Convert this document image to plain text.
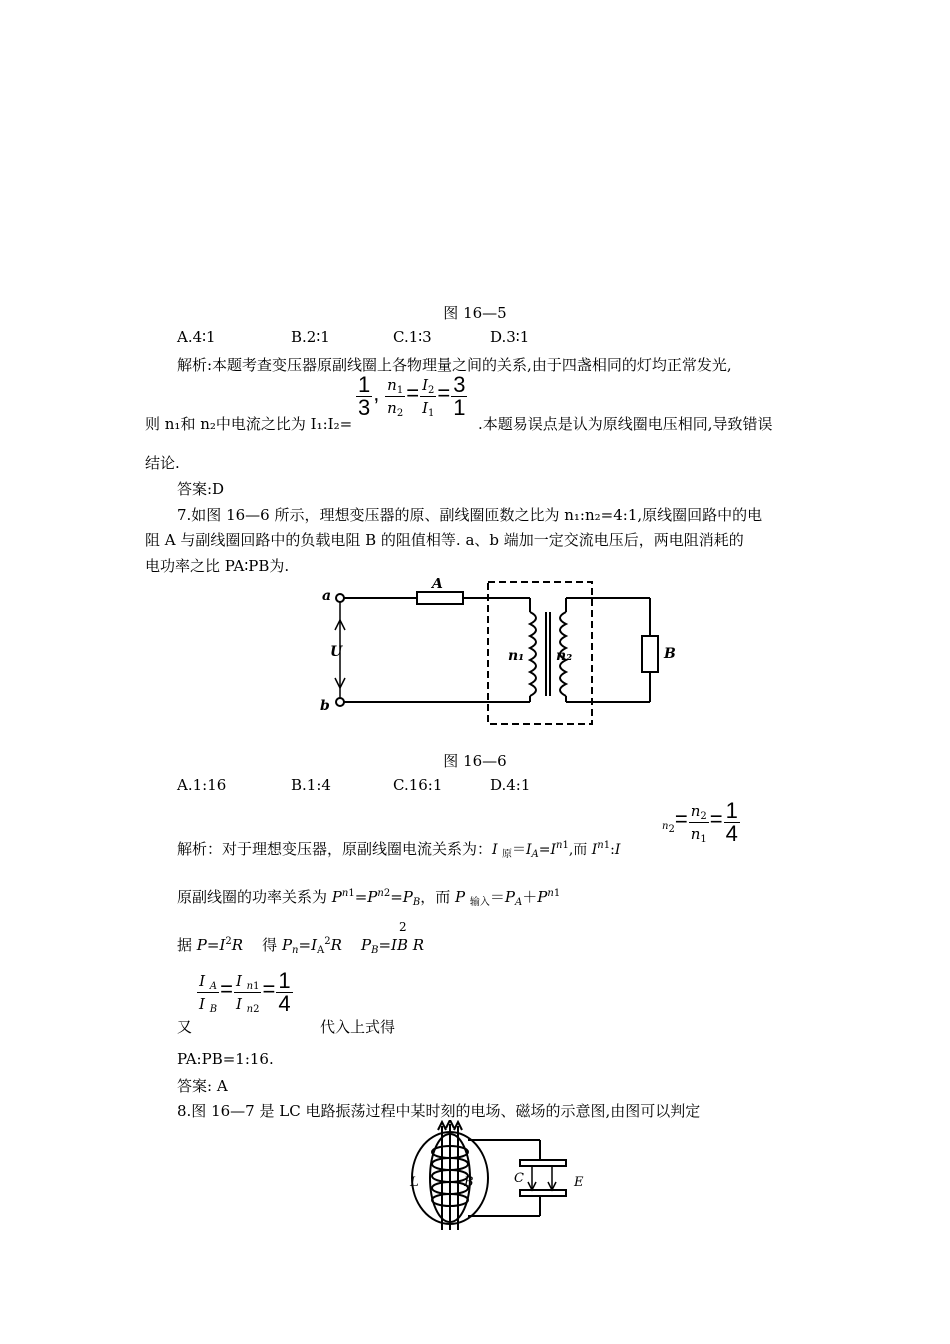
图 16—5
A.4∶1	B.2∶1	C.1∶3	D.3∶1
解析:本题考查变压器原副线圈上各物理量之间的关系,由于四盏相同的灯均正常发光,
$\frac{1}{3}$ , $\frac{n_1}{n_2} = \frac{I_2}{I_1} = \frac{3}{1}$
则 n₁和 n₂中电流之比为 I₁:I₂=	.本题易误点是认为原线圈电压相同,导致错误
结论.
答案:D
7.如图 16—6 所示，理想变压器的原、副线圈匝数之比为 n₁:n₂=4:1,原线圈回路中的电
阻 A 与副线圈回路中的负载电阻 B 的阻值相等. a、b 端加一定交流电压后，两电阻消耗的
电功率之比 PA∶PB为.
a
b
U
A
B
n₁ n₂
图 16—6
A.1:16	B.1:4	C.16:1	D.4:1
解析：对于理想变压器，原副线圈电流关系为：I $_原=I_A=I^{n1}$,而 $I^{n1}:I$
$^{n_2}= \frac{n_2}{n_1} = \frac{1}{4}$
原副线圈的功率关系为 $P^{n1}=P^{n2}=P_B$，而 P $_{输入}=P_A+P^{n1}$
据 $P=I^2R$ 得 $P_n=I_A^2R$ $P_B=I$
2
B R
$\frac{I _A}{I _B} = \frac{I _{n1}}{I _{n2}} = \frac{1}{4}$
又	代入上式得
PA:PB=1:16.
答案: A
8.图 16—7 是 LC 电路振荡过程中某时刻的电场、磁场的示意图,由图可以判定
L	B	C	E
